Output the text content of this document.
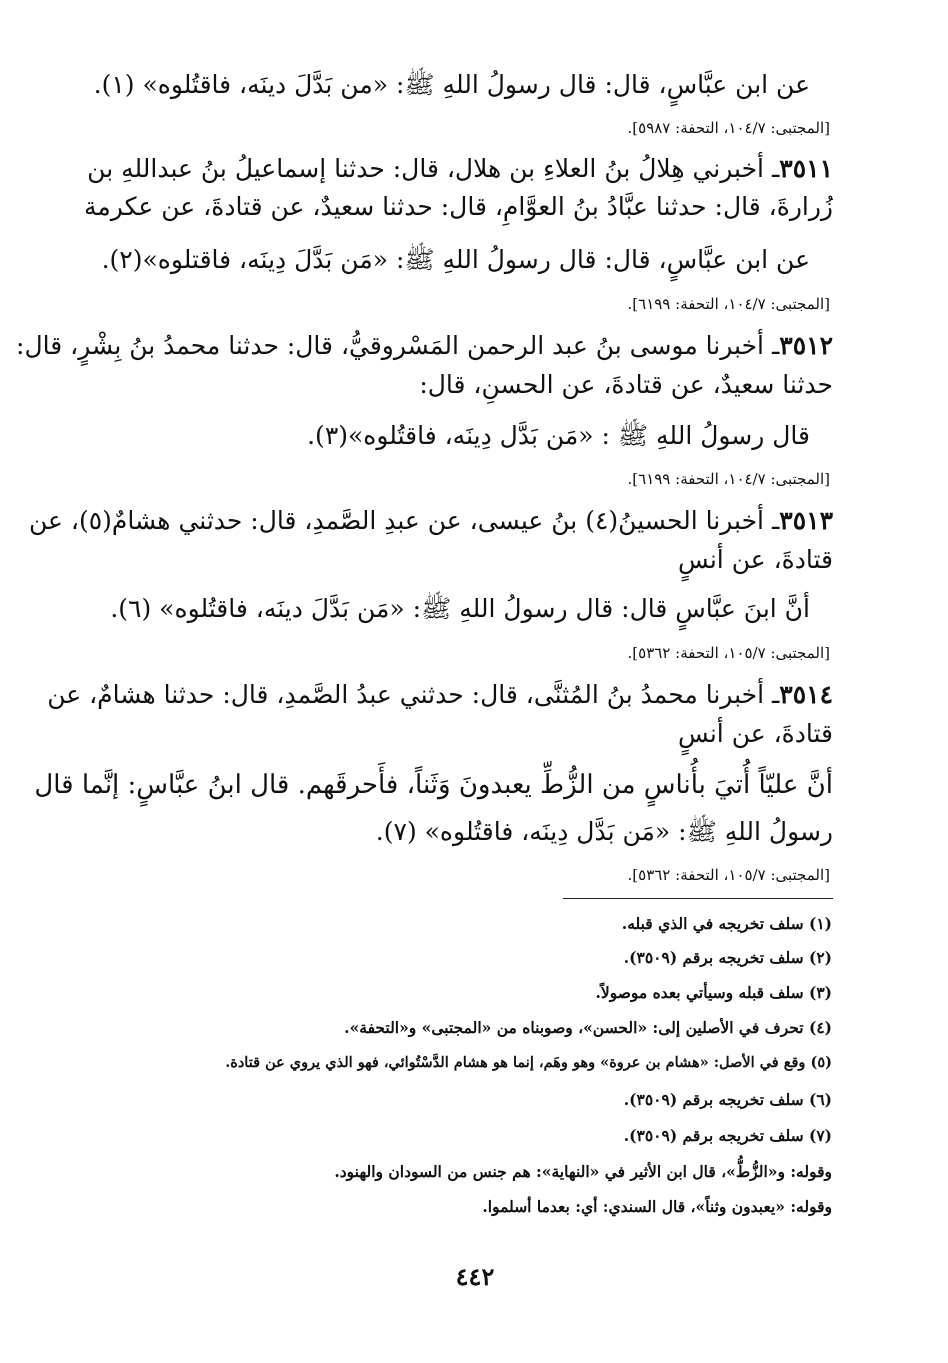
عن ابن عبَّاسٍ، قال: قال رسولُ اللهِ ﷺ: «من بَدَّلَ دينَه، فاقتُلوه» (١).
[المجتبى: ١٠٤/٧، التحفة: ٥٩٨٧].
٣٥١١ـ أخبرني هِلالُ بنُ العلاءِ بن هلال، قال: حدثنا إسماعيلُ بنُ عبداللهِ بن
زُرارةَ، قال: حدثنا عبَّادُ بنُ العوَّامِ، قال: حدثنا سعيدٌ، عن قتادةَ، عن عكرمة
عن ابن عبَّاسٍ، قال: قال رسولُ اللهِ ﷺ: «مَن بَدَّلَ دِينَه، فاقتلوه»(٢).
[المجتبى: ١٠٤/٧، التحفة: ٦١٩٩].
٣٥١٢ـ أخبرنا موسى بنُ عبد الرحمن المَسْروقيُّ، قال: حدثنا محمدُ بنُ بِشْرٍ، قال:
حدثنا سعيدٌ، عن قتادةَ، عن الحسنِ، قال:
قال رسولُ اللهِ ﷺ : «مَن بَدَّل دِينَه، فاقتُلوه»(٣).
[المجتبى: ١٠٤/٧، التحفة: ٦١٩٩].
٣٥١٣ـ أخبرنا الحسينُ(٤) بنُ عيسى، عن عبدِ الصَّمدِ، قال: حدثني هشامٌ(٥)، عن
قتادةَ، عن أنسٍ
أنَّ ابنَ عبَّاسٍ قال: قال رسولُ اللهِ ﷺ: «مَن بَدَّلَ دينَه، فاقتُلوه» (٦).
[المجتبى: ١٠٥/٧، التحفة: ٥٣٦٢].
٣٥١٤ـ أخبرنا محمدُ بنُ المُثنَّى، قال: حدثني عبدُ الصَّمدِ، قال: حدثنا هشامٌ، عن
قتادةَ، عن أنسٍ
أنَّ عليّاً أُتيَ بأُناسٍ من الزُّطِّ يعبدونَ وَثَناً، فأَحرقَهم. قال ابنُ عبَّاسٍ: إنَّما قال
رسولُ اللهِ ﷺ: «مَن بَدَّل دِينَه، فاقتُلوه» (٧).
[المجتبى: ١٠٥/٧، التحفة: ٥٣٦٢].
(١) سلف تخريجه في الذي قبله.
(٢) سلف تخريجه برقم (٣٥٠٩).
(٣) سلف قبله وسيأتي بعده موصولاً.
(٤) تحرف في الأصلين إلى: «الحسن»، وصوبناه من «المجتبى» و«التحفة».
(٥) وقع في الأصل: «هشام بن عروة» وهو وهَم، إنما هو هشام الدَّسْتُوائي، فهو الذي يروي عن قتادة.
(٦) سلف تخريجه برقم (٣٥٠٩).
(٧) سلف تخريجه برقم (٣٥٠٩).
وقوله: و«الزُّطُّ»، قال ابن الأثير في «النهاية»: هم جنس من السودان والهنود.
وقوله: «يعبدون وثناً»، قال السندي: أي: بعدما أسلموا.
٤٤٢
